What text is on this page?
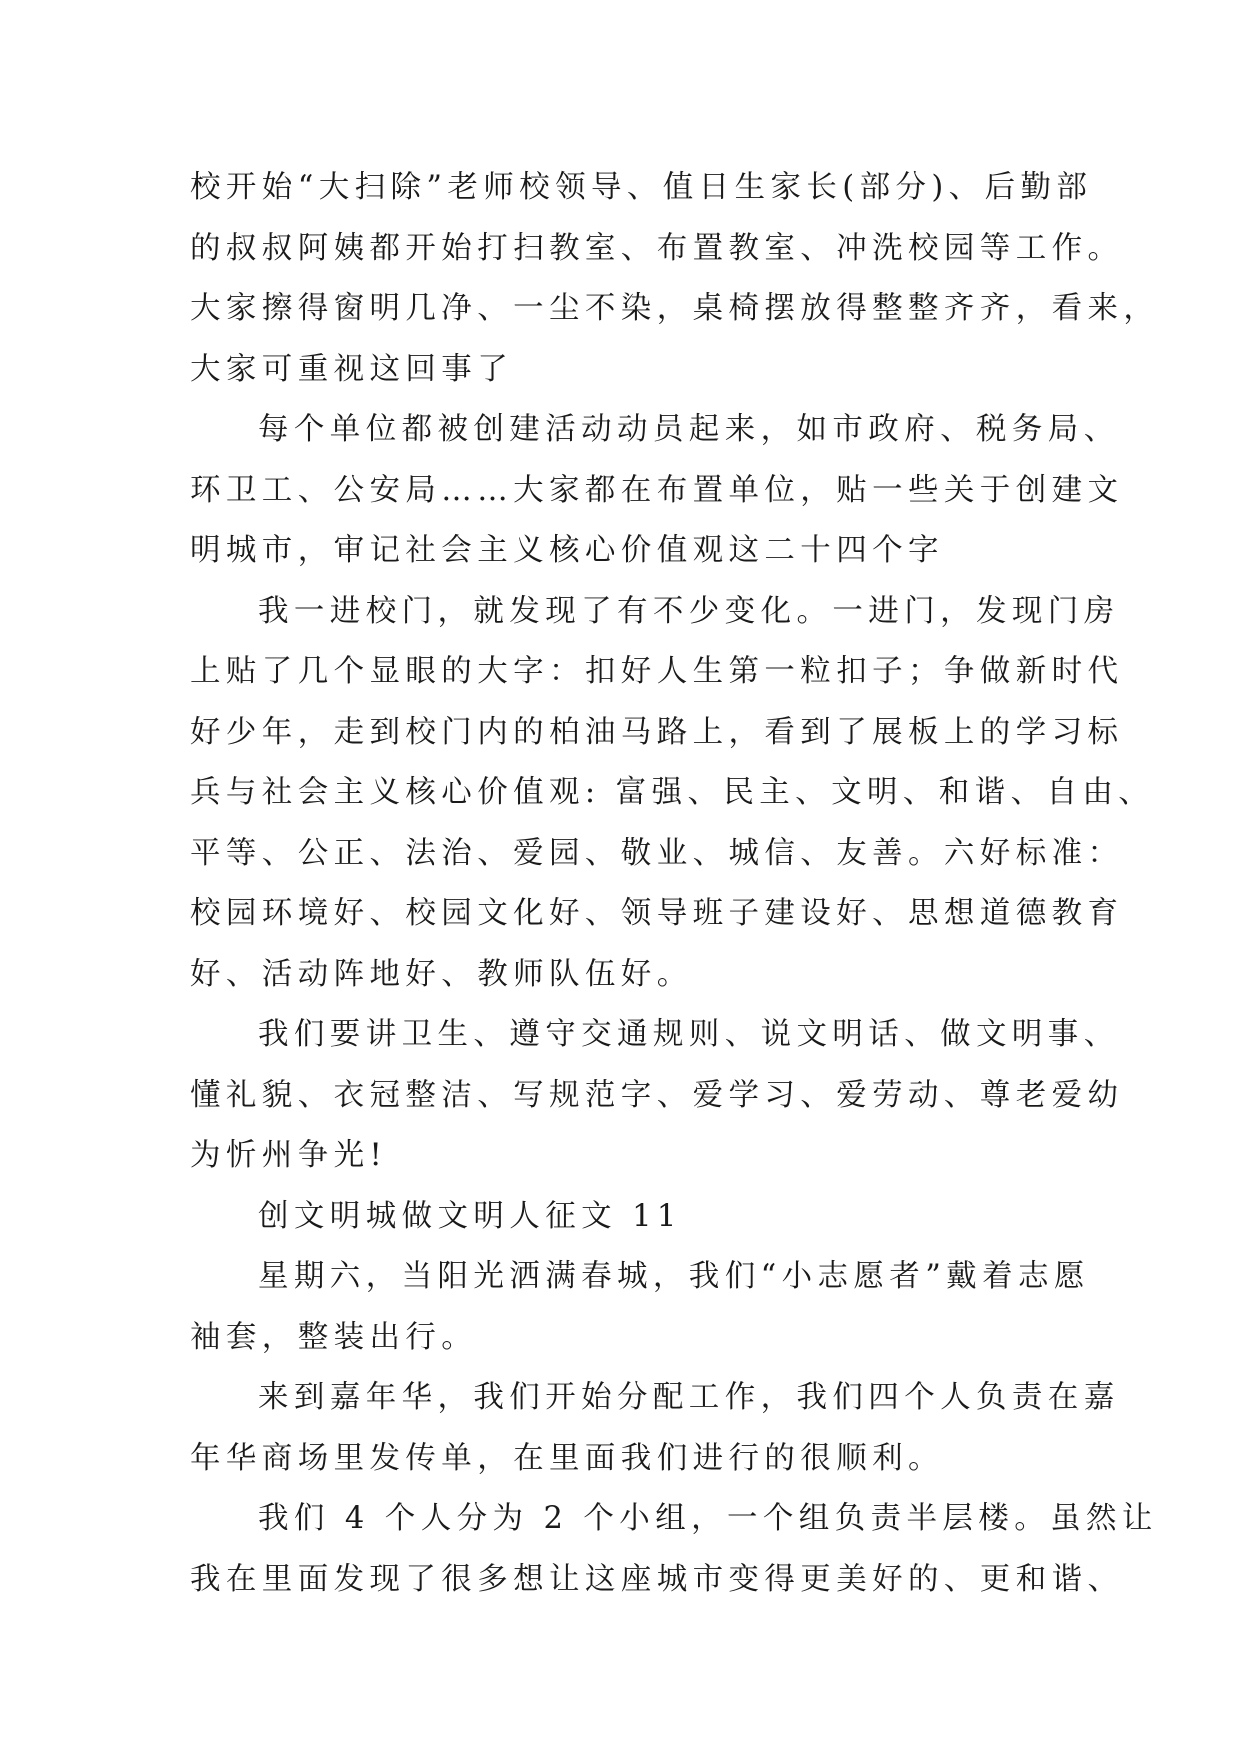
校开始“大扫除”老师校领导、值日生家长(部分)、后勤部
的叔叔阿姨都开始打扫教室、布置教室、冲洗校园等工作。
大家擦得窗明几净、一尘不染，桌椅摆放得整整齐齐，看来，
大家可重视这回事了
每个单位都被创建活动动员起来，如市政府、税务局、
环卫工、公安局……大家都在布置单位，贴一些关于创建文
明城市，审记社会主义核心价值观这二十四个字
我一进校门，就发现了有不少变化。一进门，发现门房
上贴了几个显眼的大字：扣好人生第一粒扣子；争做新时代
好少年，走到校门内的柏油马路上，看到了展板上的学习标
兵与社会主义核心价值观: 富强、民主、文明、和谐、自由、
平等、公正、法治、爱园、敬业、城信、友善。六好标准：
校园环境好、校园文化好、领导班子建设好、思想道德教育
好、活动阵地好、教师队伍好。
我们要讲卫生、遵守交通规则、说文明话、做文明事、
懂礼貌、衣冠整洁、写规范字、爱学习、爱劳动、尊老爱幼
为忻州争光!
创文明城做文明人征文 11
星期六，当阳光洒满春城，我们“小志愿者”戴着志愿
袖套，整装出行。
来到嘉年华，我们开始分配工作，我们四个人负责在嘉
年华商场里发传单，在里面我们进行的很顺利。
我们 4 个人分为 2 个小组，一个组负责半层楼。虽然让
我在里面发现了很多想让这座城市变得更美好的、更和谐、
